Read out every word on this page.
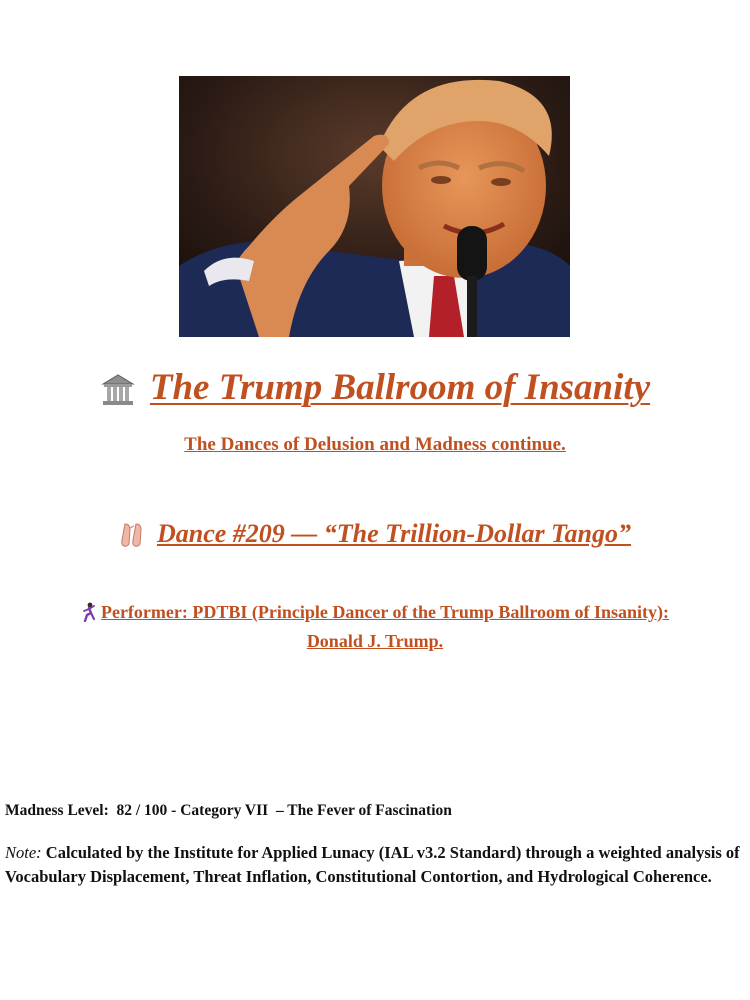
The Trump Ballroom of Insanity
The Dances of Delusion and Madness continue.
Dance #209 — “The Trillion-Dollar Tango”
Performer: PDTBI (Principle Dancer of the Trump Ballroom of Insanity):
Donald J. Trump.
Madness Level:  82 / 100 - Category VII  – The Fever of Fascination
Note: Calculated by the Institute for Applied Lunacy (IAL v3.2 Standard) through a weighted analysis of Vocabulary Displacement, Threat Inflation, Constitutional Contortion, and Hydrological Coherence.
